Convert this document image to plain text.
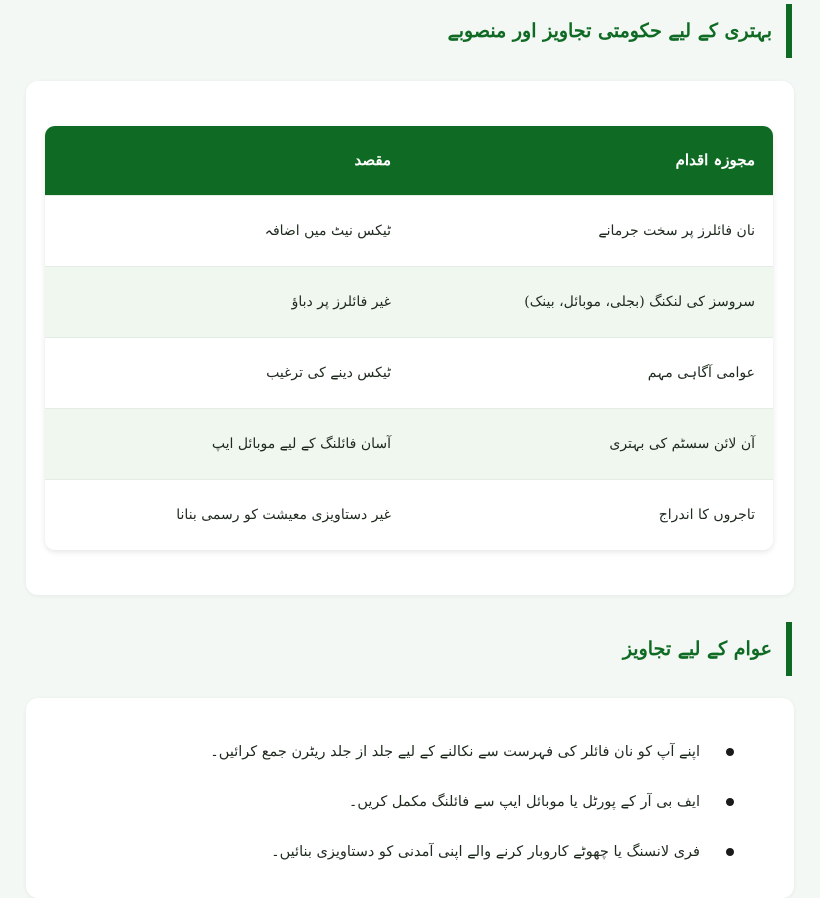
بہتری کے لیے حکومتی تجاویز اور منصوبے
مجوزہ اقدام	مقصد
نان فائلرز پر سخت جرمانے	ٹیکس نیٹ میں اضافہ
سروسز کی لنکنگ (بجلی، موبائل، بینک)	غیر فائلرز پر دباؤ
عوامی آگاہی مہم	ٹیکس دینے کی ترغیب
آن لائن سسٹم کی بہتری	آسان فائلنگ کے لیے موبائل ایپ
تاجروں کا اندراج	غیر دستاویزی معیشت کو رسمی بنانا
عوام کے لیے تجاویز
اپنے آپ کو نان فائلر کی فہرست سے نکالنے کے لیے جلد از جلد ریٹرن جمع کرائیں۔
ایف بی آر کے پورٹل یا موبائل ایپ سے فائلنگ مکمل کریں۔
فری لانسنگ یا چھوٹے کاروبار کرنے والے اپنی آمدنی کو دستاویزی بنائیں۔
